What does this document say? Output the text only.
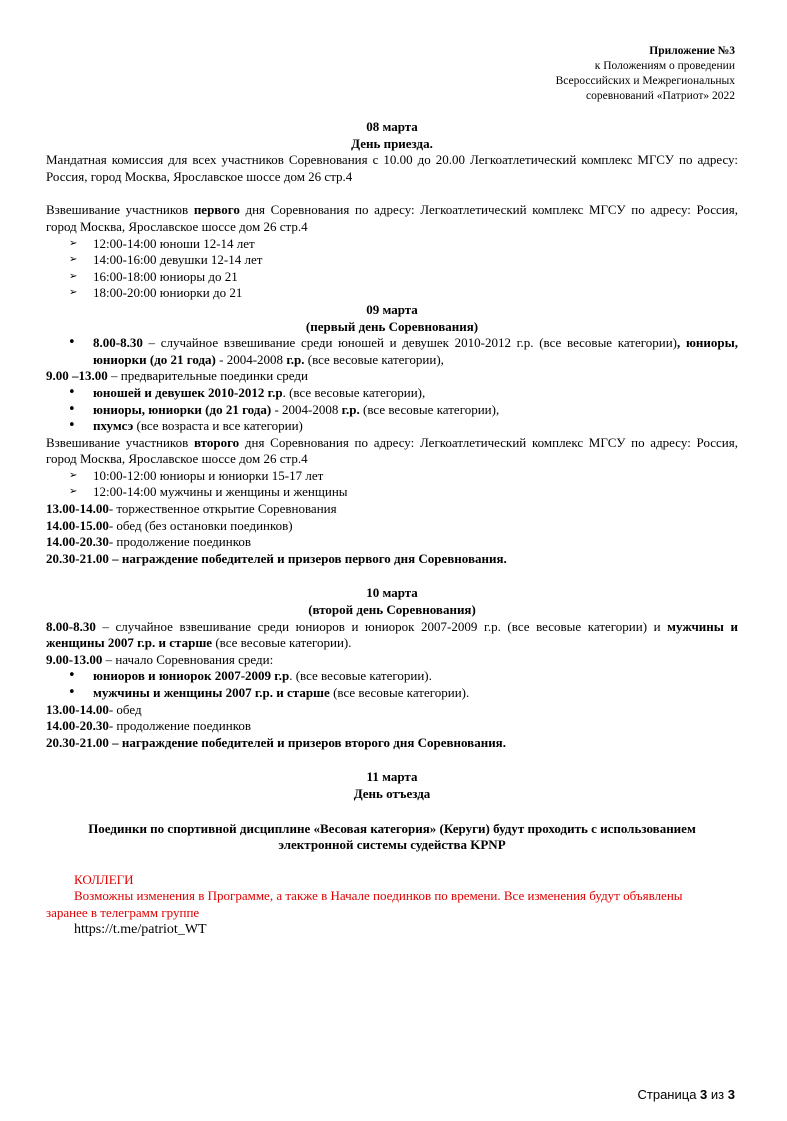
Приложение №3
к Положениям о проведении
Всероссийских и Межрегиональных
соревнований «Патриот» 2022
08 марта
День приезда.
Мандатная комиссия для всех участников Соревнования с 10.00 до 20.00 Легкоатлетический комплекс МГСУ по адресу: Россия, город Москва, Ярославское шоссе дом 26 стр.4
Взвешивание участников первого дня Соревнования по адресу: Легкоатлетический комплекс МГСУ по адресу: Россия, город Москва, Ярославское шоссе дом 26 стр.4
➢ 12:00-14:00 юноши 12-14 лет
➢ 14:00-16:00 девушки 12-14 лет
➢ 16:00-18:00 юниоры до 21
➢ 18:00-20:00 юниорки до 21
09 марта
(первый день Соревнования)
• 8.00-8.30 – случайное взвешивание среди юношей и девушек 2010-2012 г.р. (все весовые категории), юниоры, юниорки (до 21 года) - 2004-2008 г.р. (все весовые категории),
9.00 –13.00 – предварительные поединки среди
• юношей и девушек 2010-2012 г.р. (все весовые категории),
• юниоры, юниорки (до 21 года) - 2004-2008 г.р. (все весовые категории),
• пхумсэ (все возраста и все категории)
Взвешивание участников второго дня Соревнования по адресу: Легкоатлетический комплекс МГСУ по адресу: Россия, город Москва, Ярославское шоссе дом 26 стр.4
➢ 10:00-12:00 юниоры и юниорки 15-17 лет
➢ 12:00-14:00 мужчины и женщины и женщины
13.00-14.00- торжественное открытие Соревнования
14.00-15.00- обед (без остановки поединков)
14.00-20.30- продолжение поединков
20.30-21.00 – награждение победителей и призеров первого дня Соревнования.
10 марта
(второй день Соревнования)
8.00-8.30 – случайное взвешивание среди юниоров и юниорок 2007-2009 г.р. (все весовые категории) и мужчины и женщины 2007 г.р. и старше (все весовые категории).
9.00-13.00 – начало Соревнования среди:
• юниоров и юниорок 2007-2009 г.р. (все весовые категории).
• мужчины и женщины 2007 г.р. и старше (все весовые категории).
13.00-14.00- обед
14.00-20.30- продолжение поединков
20.30-21.00 – награждение победителей и призеров второго дня Соревнования.
11 марта
День отъезда
Поединки по спортивной дисциплине «Весовая категория» (Керуги) будут проходить с использованием электронной системы судейства KPNP
КОЛЛЕГИ
Возможны изменения в Программе, а также в Начале поединков по времени. Все изменения будут объявлены
заранее в телеграмм группе
https://t.me/patriot_WT
Страница 3 из 3
